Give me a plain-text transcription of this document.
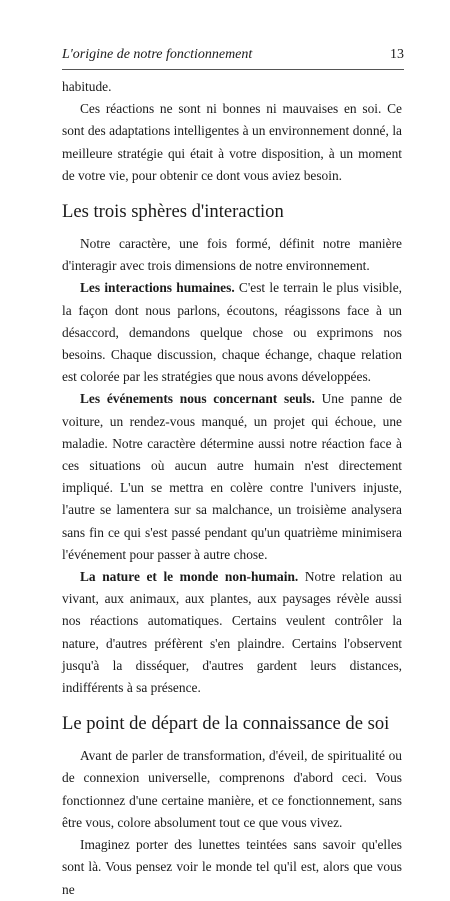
L'origine de notre fonctionnement	13

habitude.

Ces réactions ne sont ni bonnes ni mauvaises en soi. Ce sont des adaptations intelligentes à un environnement donné, la meilleure stratégie qui était à votre disposition, à un moment de votre vie, pour obtenir ce dont vous aviez besoin.

Les trois sphères d'interaction

Notre caractère, une fois formé, définit notre manière d'interagir avec trois dimensions de notre environnement.

Les interactions humaines. C'est le terrain le plus visible, la façon dont nous parlons, écoutons, réagissons face à un désaccord, demandons quelque chose ou exprimons nos besoins. Chaque discussion, chaque échange, chaque relation est colorée par les stratégies que nous avons développées.

Les événements nous concernant seuls. Une panne de voiture, un rendez-vous manqué, un projet qui échoue, une maladie. Notre caractère détermine aussi notre réaction face à ces situations où aucun autre humain n'est directement impliqué. L'un se mettra en colère contre l'univers injuste, l'autre se lamentera sur sa malchance, un troisième analysera sans fin ce qui s'est passé pendant qu'un quatrième minimisera l'événement pour passer à autre chose.

La nature et le monde non-humain. Notre relation au vivant, aux animaux, aux plantes, aux paysages révèle aussi nos réactions automatiques. Certains veulent contrôler la nature, d'autres préfèrent s'en plaindre. Certains l'observent jusqu'à la disséquer, d'autres gardent leurs distances, indifférents à sa présence.

Le point de départ de la connaissance de soi

Avant de parler de transformation, d'éveil, de spiritualité ou de connexion universelle, comprenons d'abord ceci. Vous fonctionnez d'une certaine manière, et ce fonctionnement, sans être vous, colore absolument tout ce que vous vivez.

Imaginez porter des lunettes teintées sans savoir qu'elles sont là. Vous pensez voir le monde tel qu'il est, alors que vous ne
